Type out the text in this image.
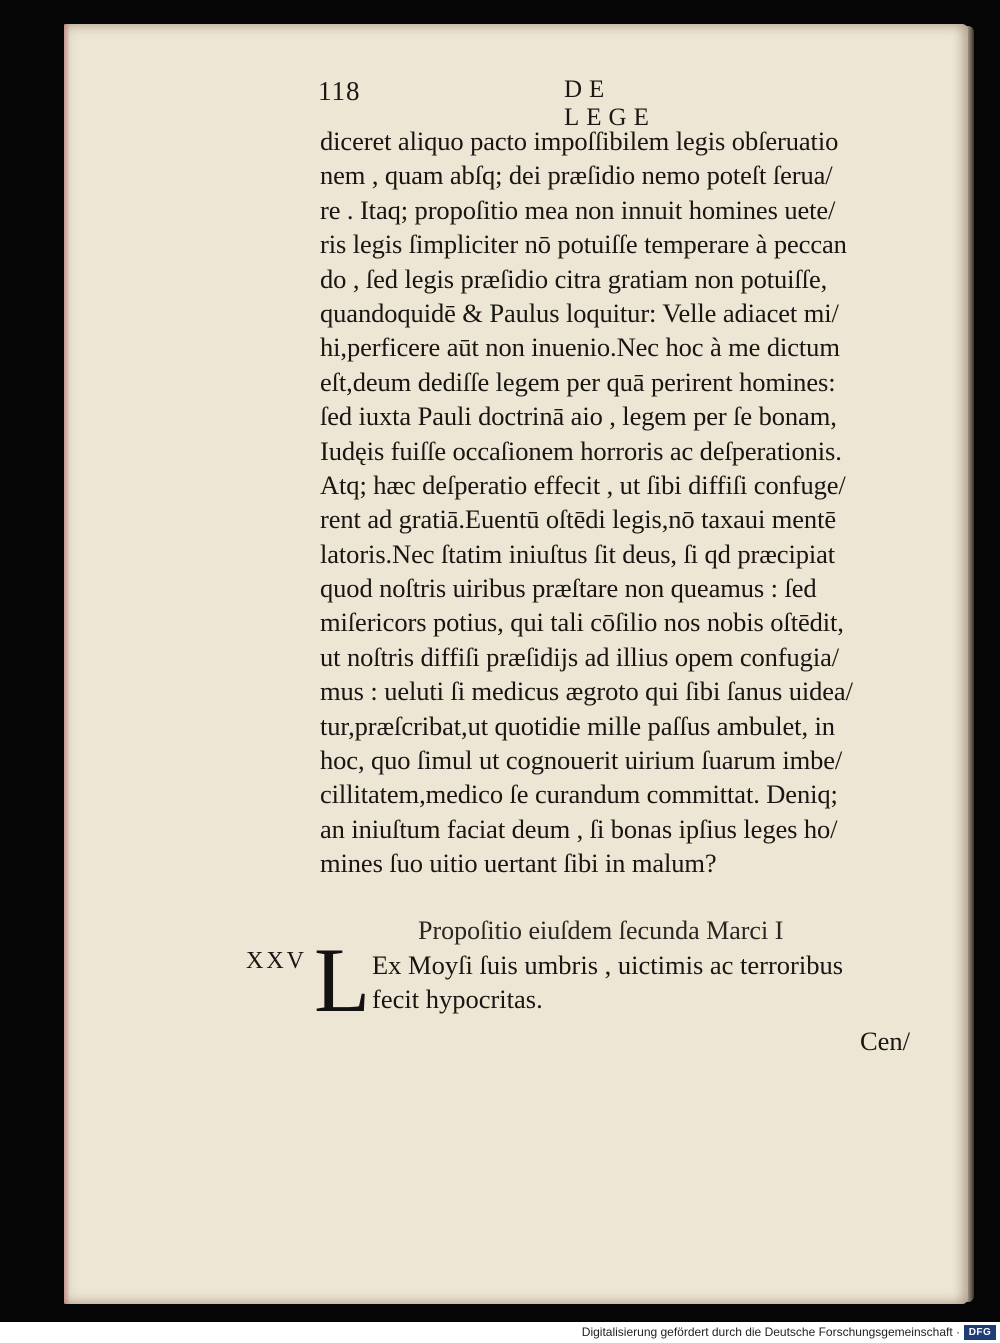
118	DE LEGE
diceret aliquo pacto impoſſibilem legis obſeruatio
nem , quam abſq; dei præſidio nemo poteſt ſerua/
re . Itaq; propoſitio mea non innuit homines uete/
ris legis ſimpliciter nō potuiſſe temperare à peccan
do , ſed legis præſidio citra gratiam non potuiſſe,
quandoquidē & Paulus loquitur: Velle adiacet mi/
hi,perficere aūt non inuenio.Nec hoc à me dictum
eſt,deum dediſſe legem per quā perirent homines:
ſed iuxta Pauli doctrinā aio , legem per ſe bonam,
Iudęis fuiſſe occaſionem horroris ac deſperationis.
Atq; hæc deſperatio effecit , ut ſibi diffiſi confuge/
rent ad gratiā.Euentū oſtēdi legis,nō taxaui mentē
latoris.Nec ſtatim iniuſtus ſit deus, ſi qd præcipiat
quod noſtris uiribus præſtare non queamus : ſed
miſericors potius, qui tali cōſilio nos nobis oſtēdit,
ut noſtris diffiſi præſidijs ad illius opem confugia/
mus : ueluti ſi medicus ægroto qui ſibi ſanus uidea/
tur,præſcribat,ut quotidie mille paſſus ambulet, in
hoc, quo ſimul ut cognouerit uirium ſuarum imbe/
cillitatem,medico ſe curandum committat. Deniq;
an iniuſtum faciat deum , ſi bonas ipſius leges ho/
mines ſuo uitio uertant ſibi in malum?
Propoſitio eiuſdem ſecunda Marci I
XXV L Ex Moyſi ſuis umbris , uictimis ac terroribus
fecit hypocritas.
Cen/
Digitalisierung gefördert durch die Deutsche Forschungsgemeinschaft · DFG
